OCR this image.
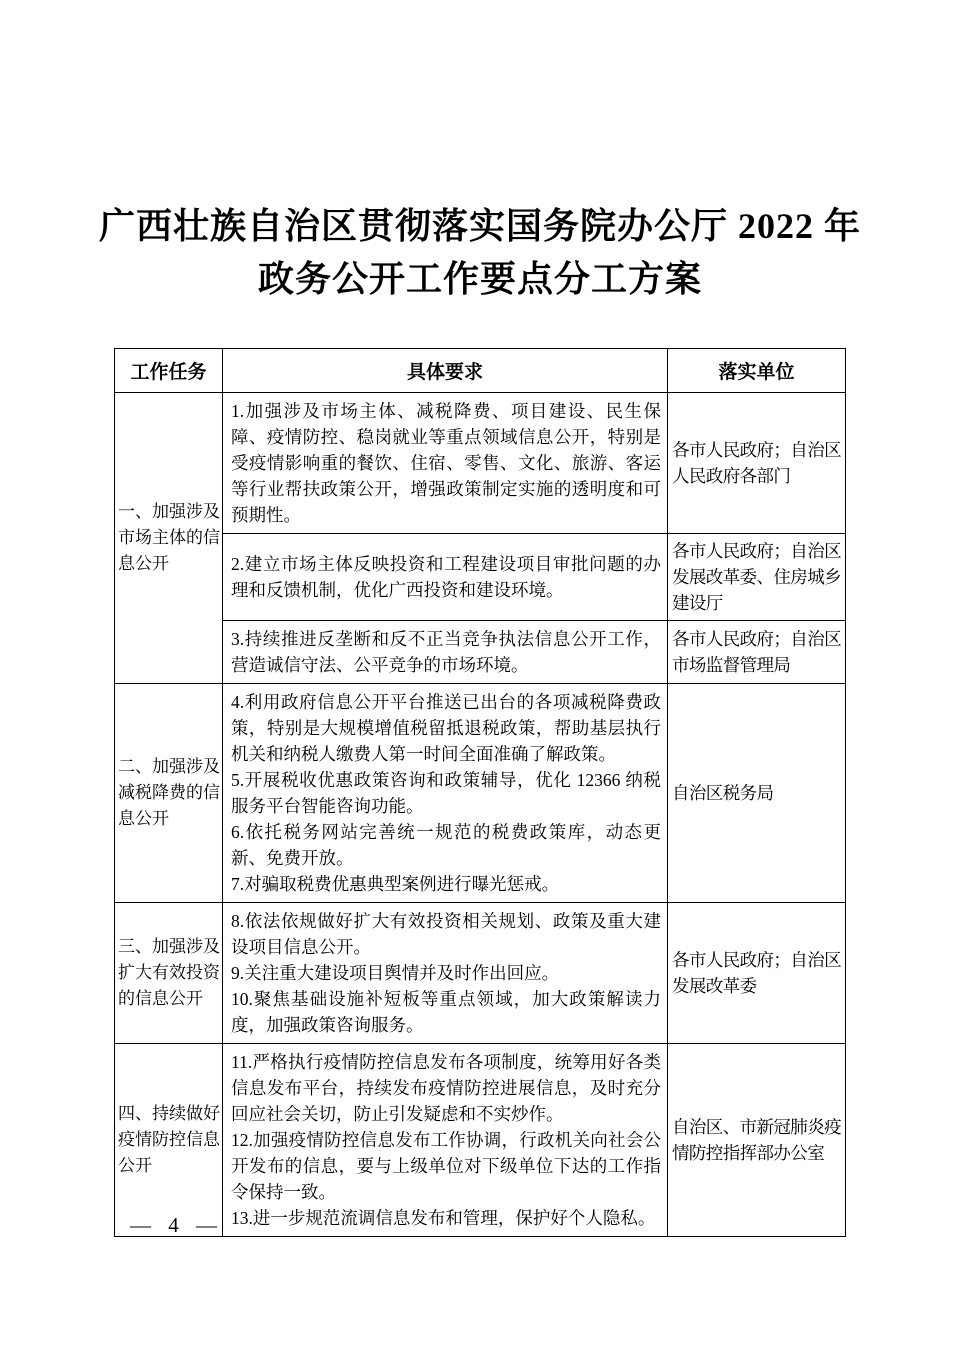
广西壮族自治区贯彻落实国务院办公厅 2022 年
政务公开工作要点分工方案
工作任务	具体要求	落实单位
一、加强涉及市场主体的信息公开	1.加强涉及市场主体、减税降费、项目建设、民生保障、疫情防控、稳岗就业等重点领域信息公开，特别是受疫情影响重的餐饮、住宿、零售、文化、旅游、客运等行业帮扶政策公开，增强政策制定实施的透明度和可预期性。	各市人民政府；自治区人民政府各部门

	2.建立市场主体反映投资和工程建设项目审批问题的办理和反馈机制，优化广西投资和建设环境。	各市人民政府；自治区发展改革委、住房城乡建设厅

	3.持续推进反垄断和反不正当竞争执法信息公开工作，营造诚信守法、公平竞争的市场环境。	各市人民政府；自治区市场监督管理局
二、加强涉及减税降费的信息公开	4.利用政府信息公开平台推送已出台的各项减税降费政策，特别是大规模增值税留抵退税政策，帮助基层执行机关和纳税人缴费人第一时间全面准确了解政策。

5.开展税收优惠政策咨询和政策辅导，优化 12366 纳税服务平台智能咨询功能。

6.依托税务网站完善统一规范的税费政策库，动态更新、免费开放。

7.对骗取税费优惠典型案例进行曝光惩戒。	自治区税务局
三、加强涉及扩大有效投资的信息公开	8.依法依规做好扩大有效投资相关规划、政策及重大建设项目信息公开。

9.关注重大建设项目舆情并及时作出回应。

10.聚焦基础设施补短板等重点领域，加大政策解读力度，加强政策咨询服务。	各市人民政府；自治区发展改革委
四、持续做好疫情防控信息公开	11.严格执行疫情防控信息发布各项制度，统筹用好各类信息发布平台，持续发布疫情防控进展信息，及时充分回应社会关切，防止引发疑虑和不实炒作。

12.加强疫情防控信息发布工作协调，行政机关向社会公开发布的信息，要与上级单位对下级单位下达的工作指令保持一致。

13.进一步规范流调信息发布和管理，保护好个人隐私。	自治区、市新冠肺炎疫情防控指挥部办公室
— 4 —
